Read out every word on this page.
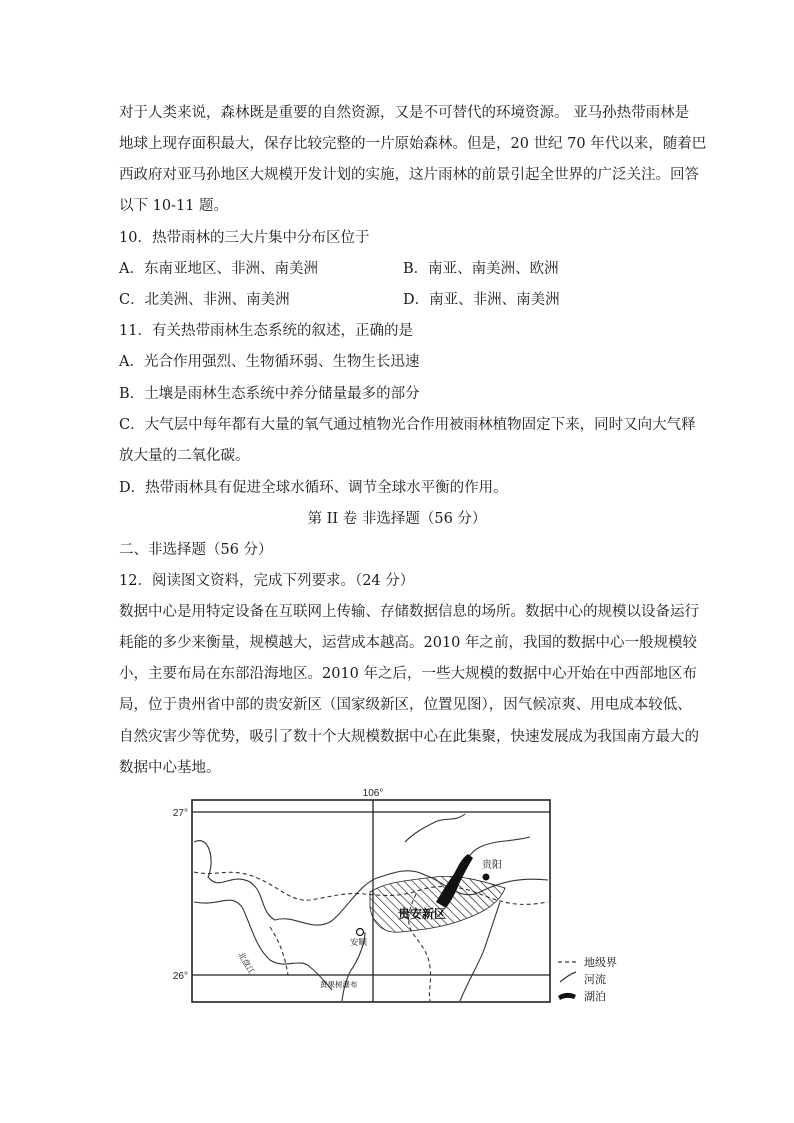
对于人类来说，森林既是重要的自然资源，又是不可替代的环境资源。 亚马孙热带雨林是
地球上现存面积最大，保存比较完整的一片原始森林。但是，20 世纪 70 年代以来，随着巴
西政府对亚马孙地区大规模开发计划的实施，这片雨林的前景引起全世界的广泛关注。回答
以下 10-11 题。
10．热带雨林的三大片集中分布区位于
A．东南亚地区、非洲、南美洲	B．南亚、南美洲、欧洲
C．北美洲、非洲、南美洲	D．南亚、非洲、南美洲
11．有关热带雨林生态系统的叙述，正确的是
A．光合作用强烈、生物循环弱、生物生长迅速
B．土壤是雨林生态系统中养分储量最多的部分
C．大气层中每年都有大量的氧气通过植物光合作用被雨林植物固定下来，同时又向大气释
放大量的二氧化碳。
D．热带雨林具有促进全球水循环、调节全球水平衡的作用。
第 II 卷 非选择题（56 分）
二、非选择题（56 分）
12．阅读图文资料，完成下列要求。（24 分）
数据中心是用特定设备在互联网上传输、存储数据信息的场所。数据中心的规模以设备运行
耗能的多少来衡量，规模越大，运营成本越高。2010 年之前，我国的数据中心一般规模较
小，主要布局在东部沿海地区。2010 年之后，一些大规模的数据中心开始在中西部地区布
局，位于贵州省中部的贵安新区（国家级新区，位置见图），因气候凉爽、用电成本较低、
自然灾害少等优势，吸引了数十个大规模数据中心在此集聚，快速发展成为我国南方最大的
数据中心基地。
106°
27°
26°
贵阳
安顺
贵安新区
黄果树瀑布
北盘江	地级界
河流
湖泊
